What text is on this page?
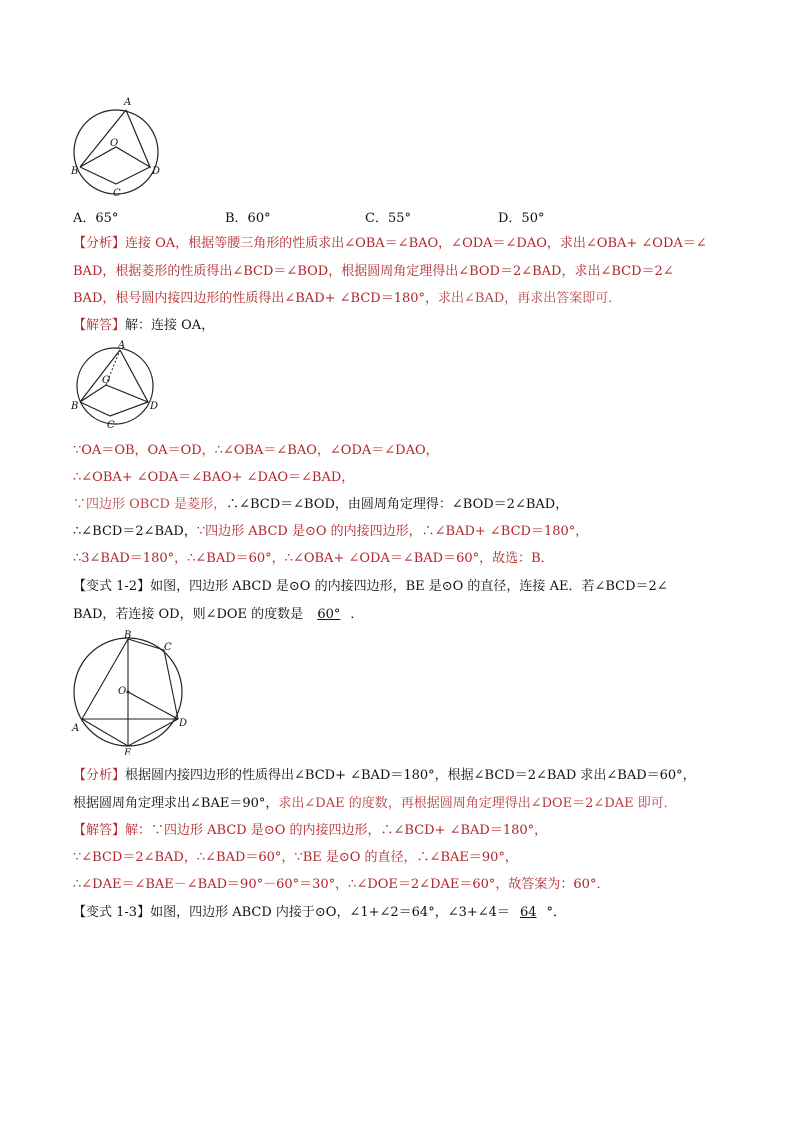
A
O
B
C
D
A．65°	B．60°	C．55°	D．50°
【分析】连接 OA，根据等腰三角形的性质求出∠OBA＝∠BAO，∠ODA＝∠DAO，求出∠OBA+ ∠ODA＝∠
BAD，根据菱形的性质得出∠BCD＝∠BOD，根据圆周角定理得出∠BOD＝2∠BAD，求出∠BCD＝2∠
BAD，根号圆内接四边形的性质得出∠BAD+ ∠BCD＝180°，求出∠BAD，再求出答案即可．
【解答】解：连接 OA，
A
O
B
C
D
∵OA＝OB，OA＝OD，∴∠OBA＝∠BAO，∠ODA＝∠DAO，
∴∠OBA+ ∠ODA＝∠BAO+ ∠DAO＝∠BAD，
∵四边形 OBCD 是菱形，∴∠BCD＝∠BOD，由圆周角定理得：∠BOD＝2∠BAD，
∴∠BCD＝2∠BAD，∵四边形 ABCD 是⊙O 的内接四边形，∴∠BAD+ ∠BCD＝180°，
∴3∠BAD＝180°，∴∠BAD＝60°，∴∠OBA+ ∠ODA＝∠BAD＝60°，故选：B．
【变式 1-2】如图，四边形 ABCD 是⊙O 的内接四边形，BE 是⊙O 的直径，连接 AE．若∠BCD＝2∠
BAD，若连接 OD，则∠DOE 的度数是 60° ．
B
C
O
A	D
E
【分析】根据圆内接四边形的性质得出∠BCD+ ∠BAD＝180°，根据∠BCD＝2∠BAD 求出∠BAD＝60°，
根据圆周角定理求出∠BAE＝90°，求出∠DAE 的度数，再根据圆周角定理得出∠DOE＝2∠DAE 即可．
【解答】解：∵四边形 ABCD 是⊙O 的内接四边形，∴∠BCD+ ∠BAD＝180°，
∵∠BCD＝2∠BAD，∴∠BAD＝60°，∵BE 是⊙O 的直径，∴∠BAE＝90°，
∴∠DAE＝∠BAE－∠BAD＝90°－60°＝30°，∴∠DOE＝2∠DAE＝60°，故答案为：60°．
【变式 1-3】如图，四边形 ABCD 内接于⊙O，∠1+∠2＝64°，∠3+∠4＝ 64 °．
